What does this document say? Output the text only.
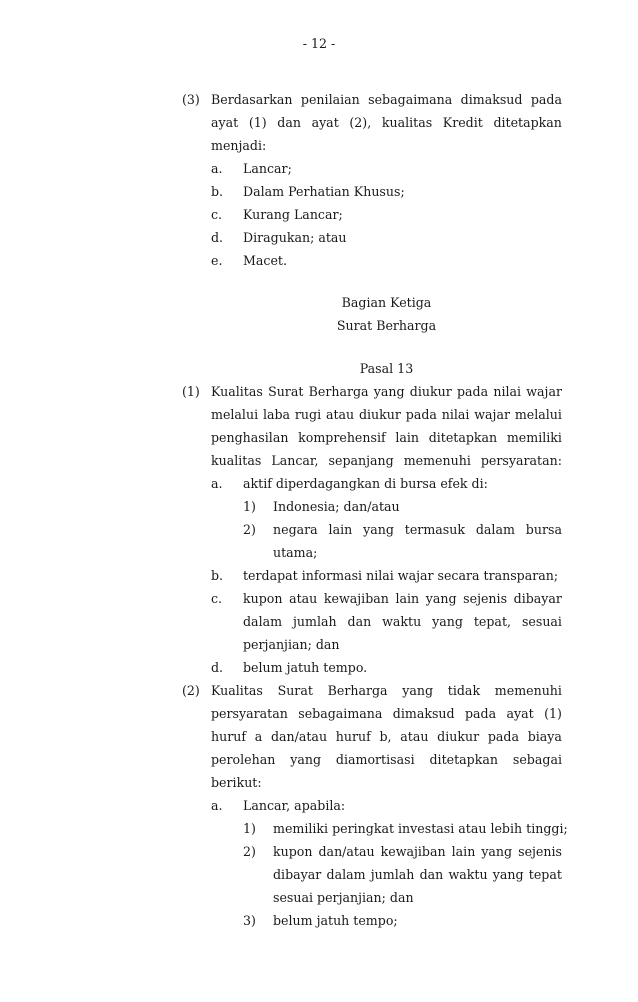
- 12 -
(3) Berdasarkan penilaian sebagaimana dimaksud pada
ayat (1) dan ayat (2), kualitas Kredit ditetapkan
menjadi:
a. Lancar;
b. Dalam Perhatian Khusus;
c. Kurang Lancar;
d. Diragukan; atau
e. Macet.
Bagian Ketiga
Surat Berharga
Pasal 13
(1) Kualitas Surat Berharga yang diukur pada nilai wajar
melalui laba rugi atau diukur pada nilai wajar melalui
penghasilan komprehensif lain ditetapkan memiliki
kualitas Lancar, sepanjang memenuhi persyaratan:
a. aktif diperdagangkan di bursa efek di:
1) Indonesia; dan/atau
2) negara lain yang termasuk dalam bursa
utama;
b. terdapat informasi nilai wajar secara transparan;
c. kupon atau kewajiban lain yang sejenis dibayar
dalam jumlah dan waktu yang tepat, sesuai
perjanjian; dan
d. belum jatuh tempo.
(2) Kualitas Surat Berharga yang tidak memenuhi
persyaratan sebagaimana dimaksud pada ayat (1)
huruf a dan/atau huruf b, atau diukur pada biaya
perolehan yang diamortisasi ditetapkan sebagai
berikut:
a. Lancar, apabila:
1) memiliki peringkat investasi atau lebih tinggi;
2) kupon dan/atau kewajiban lain yang sejenis
dibayar dalam jumlah dan waktu yang tepat
sesuai perjanjian; dan
3) belum jatuh tempo;
